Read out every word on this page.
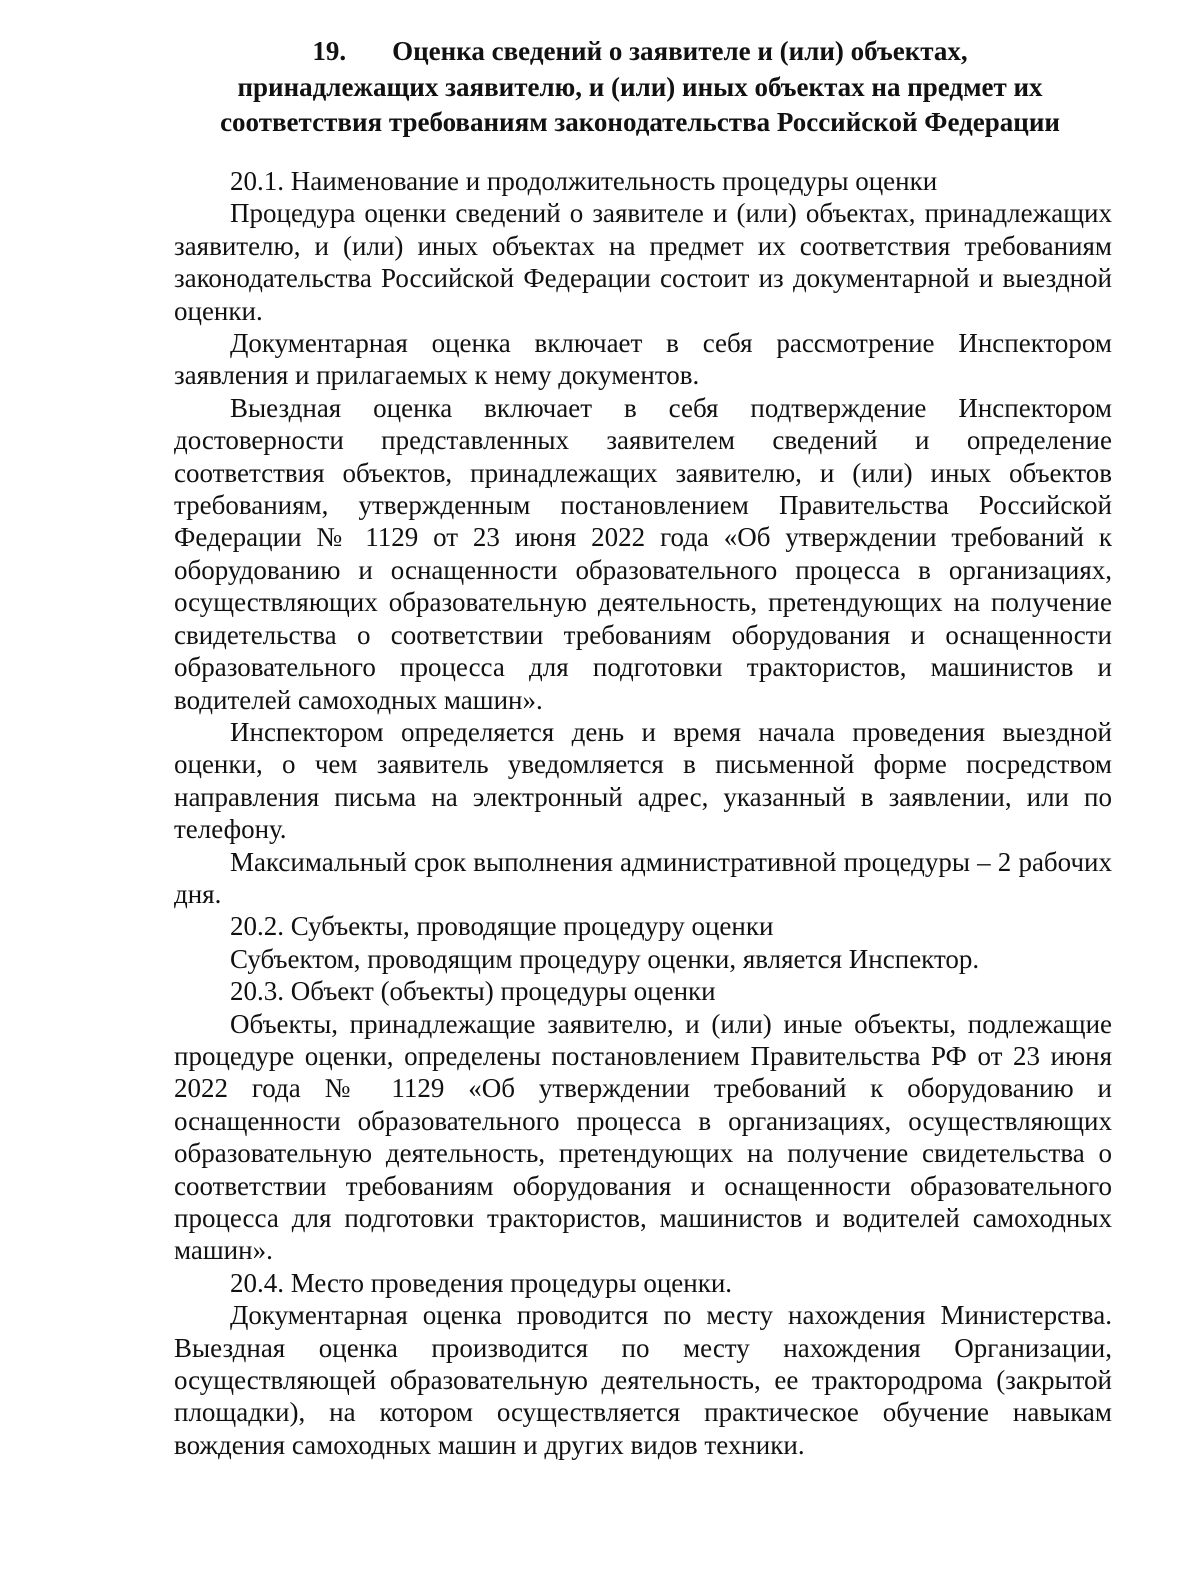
19. Оценка сведений о заявителе и (или) объектах,
принадлежащих заявителю, и (или) иных объектах на предмет их
соответствия требованиям законодательства Российской Федерации

20.1. Наименование и продолжительность процедуры оценки

Процедура оценки сведений о заявителе и (или) объектах, принадлежащих заявителю, и (или) иных объектах на предмет их соответствия требованиям законодательства Российской Федерации состоит из документарной и выездной оценки.

Документарная оценка включает в себя рассмотрение Инспектором заявления и прилагаемых к нему документов.

Выездная оценка включает в себя подтверждение Инспектором достоверности представленных заявителем сведений и определение соответствия объектов, принадлежащих заявителю, и (или) иных объектов требованиям, утвержденным постановлением Правительства Российской Федерации № 1129 от 23 июня 2022 года «Об утверждении требований к оборудованию и оснащенности образовательного процесса в организациях, осуществляющих образовательную деятельность, претендующих на получение свидетельства о соответствии требованиям оборудования и оснащенности образовательного процесса для подготовки трактористов, машинистов и водителей самоходных машин».

Инспектором определяется день и время начала проведения выездной оценки, о чем заявитель уведомляется в письменной форме посредством направления письма на электронный адрес, указанный в заявлении, или по телефону.

Максимальный срок выполнения административной процедуры – 2 рабочих дня.

20.2. Субъекты, проводящие процедуру оценки

Субъектом, проводящим процедуру оценки, является Инспектор.

20.3. Объект (объекты) процедуры оценки

Объекты, принадлежащие заявителю, и (или) иные объекты, подлежащие процедуре оценки, определены постановлением Правительства РФ от 23 июня 2022 года № 1129 «Об утверждении требований к оборудованию и оснащенности образовательного процесса в организациях, осуществляющих образовательную деятельность, претендующих на получение свидетельства о соответствии требованиям оборудования и оснащенности образовательного процесса для подготовки трактористов, машинистов и водителей самоходных машин».

20.4. Место проведения процедуры оценки.

Документарная оценка проводится по месту нахождения Министерства. Выездная оценка производится по месту нахождения Организации, осуществляющей образовательную деятельность, ее трактородрома (закрытой площадки), на котором осуществляется практическое обучение навыкам вождения самоходных машин и других видов техники.
